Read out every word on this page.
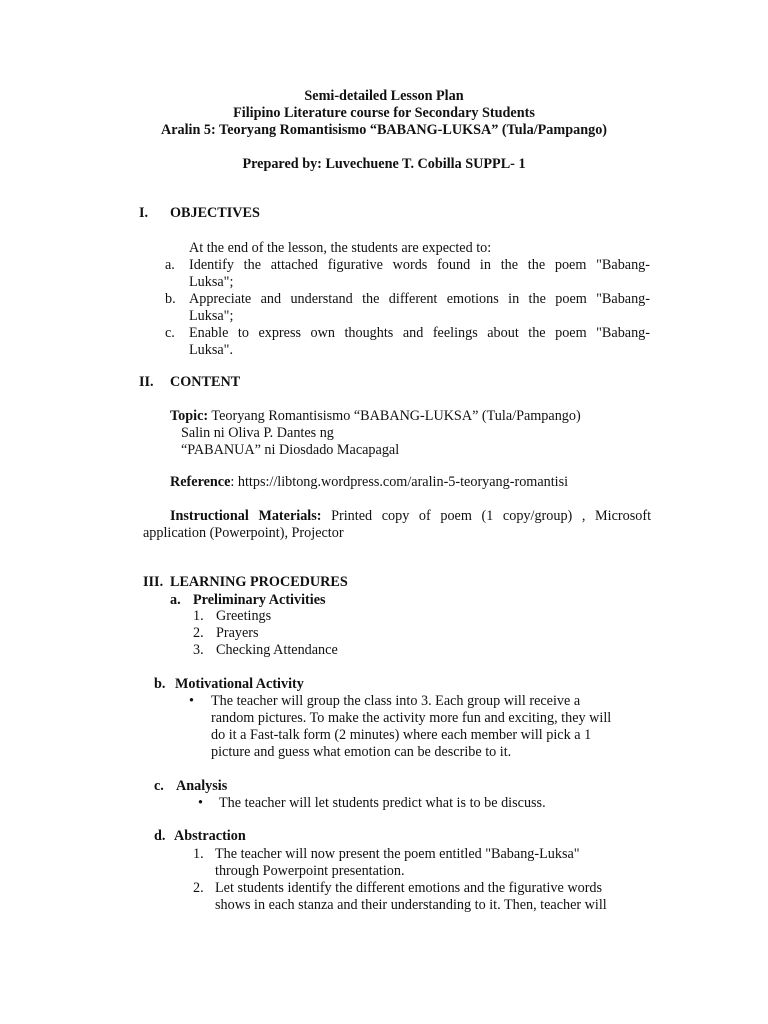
Semi-detailed Lesson Plan
Filipino Literature course for Secondary Students
Aralin 5: Teoryang Romantisismo “BABANG-LUKSA” (Tula/Pampango)
Prepared by: Luvechuene T. Cobilla SUPPL- 1
I. OBJECTIVES
At the end of the lesson, the students are expected to:
a. Identify the attached figurative words found in the the poem "Babang-
Luksa";
b. Appreciate and understand the different emotions in the poem "Babang-
Luksa";
c. Enable to express own thoughts and feelings about the poem "Babang-
Luksa".
II. CONTENT
Topic: Teoryang Romantisismo “BABANG-LUKSA” (Tula/Pampango)
Salin ni Oliva P. Dantes ng
“PABANUA” ni Diosdado Macapagal
Reference: https://libtong.wordpress.com/aralin-5-teoryang-romantisi
Instructional Materials: Printed copy of poem (1 copy/group) , Microsoft
application (Powerpoint), Projector
III. LEARNING PROCEDURES
a. Preliminary Activities
1. Greetings
2. Prayers
3. Checking Attendance
b. Motivational Activity
• The teacher will group the class into 3. Each group will receive a
random pictures. To make the activity more fun and exciting, they will
do it a Fast-talk form (2 minutes) where each member will pick a 1
picture and guess what emotion can be describe to it.
c. Analysis
• The teacher will let students predict what is to be discuss.
d. Abstraction
1. The teacher will now present the poem entitled "Babang-Luksa"
through Powerpoint presentation.
2. Let students identify the different emotions and the figurative words
shows in each stanza and their understanding to it. Then, teacher will
